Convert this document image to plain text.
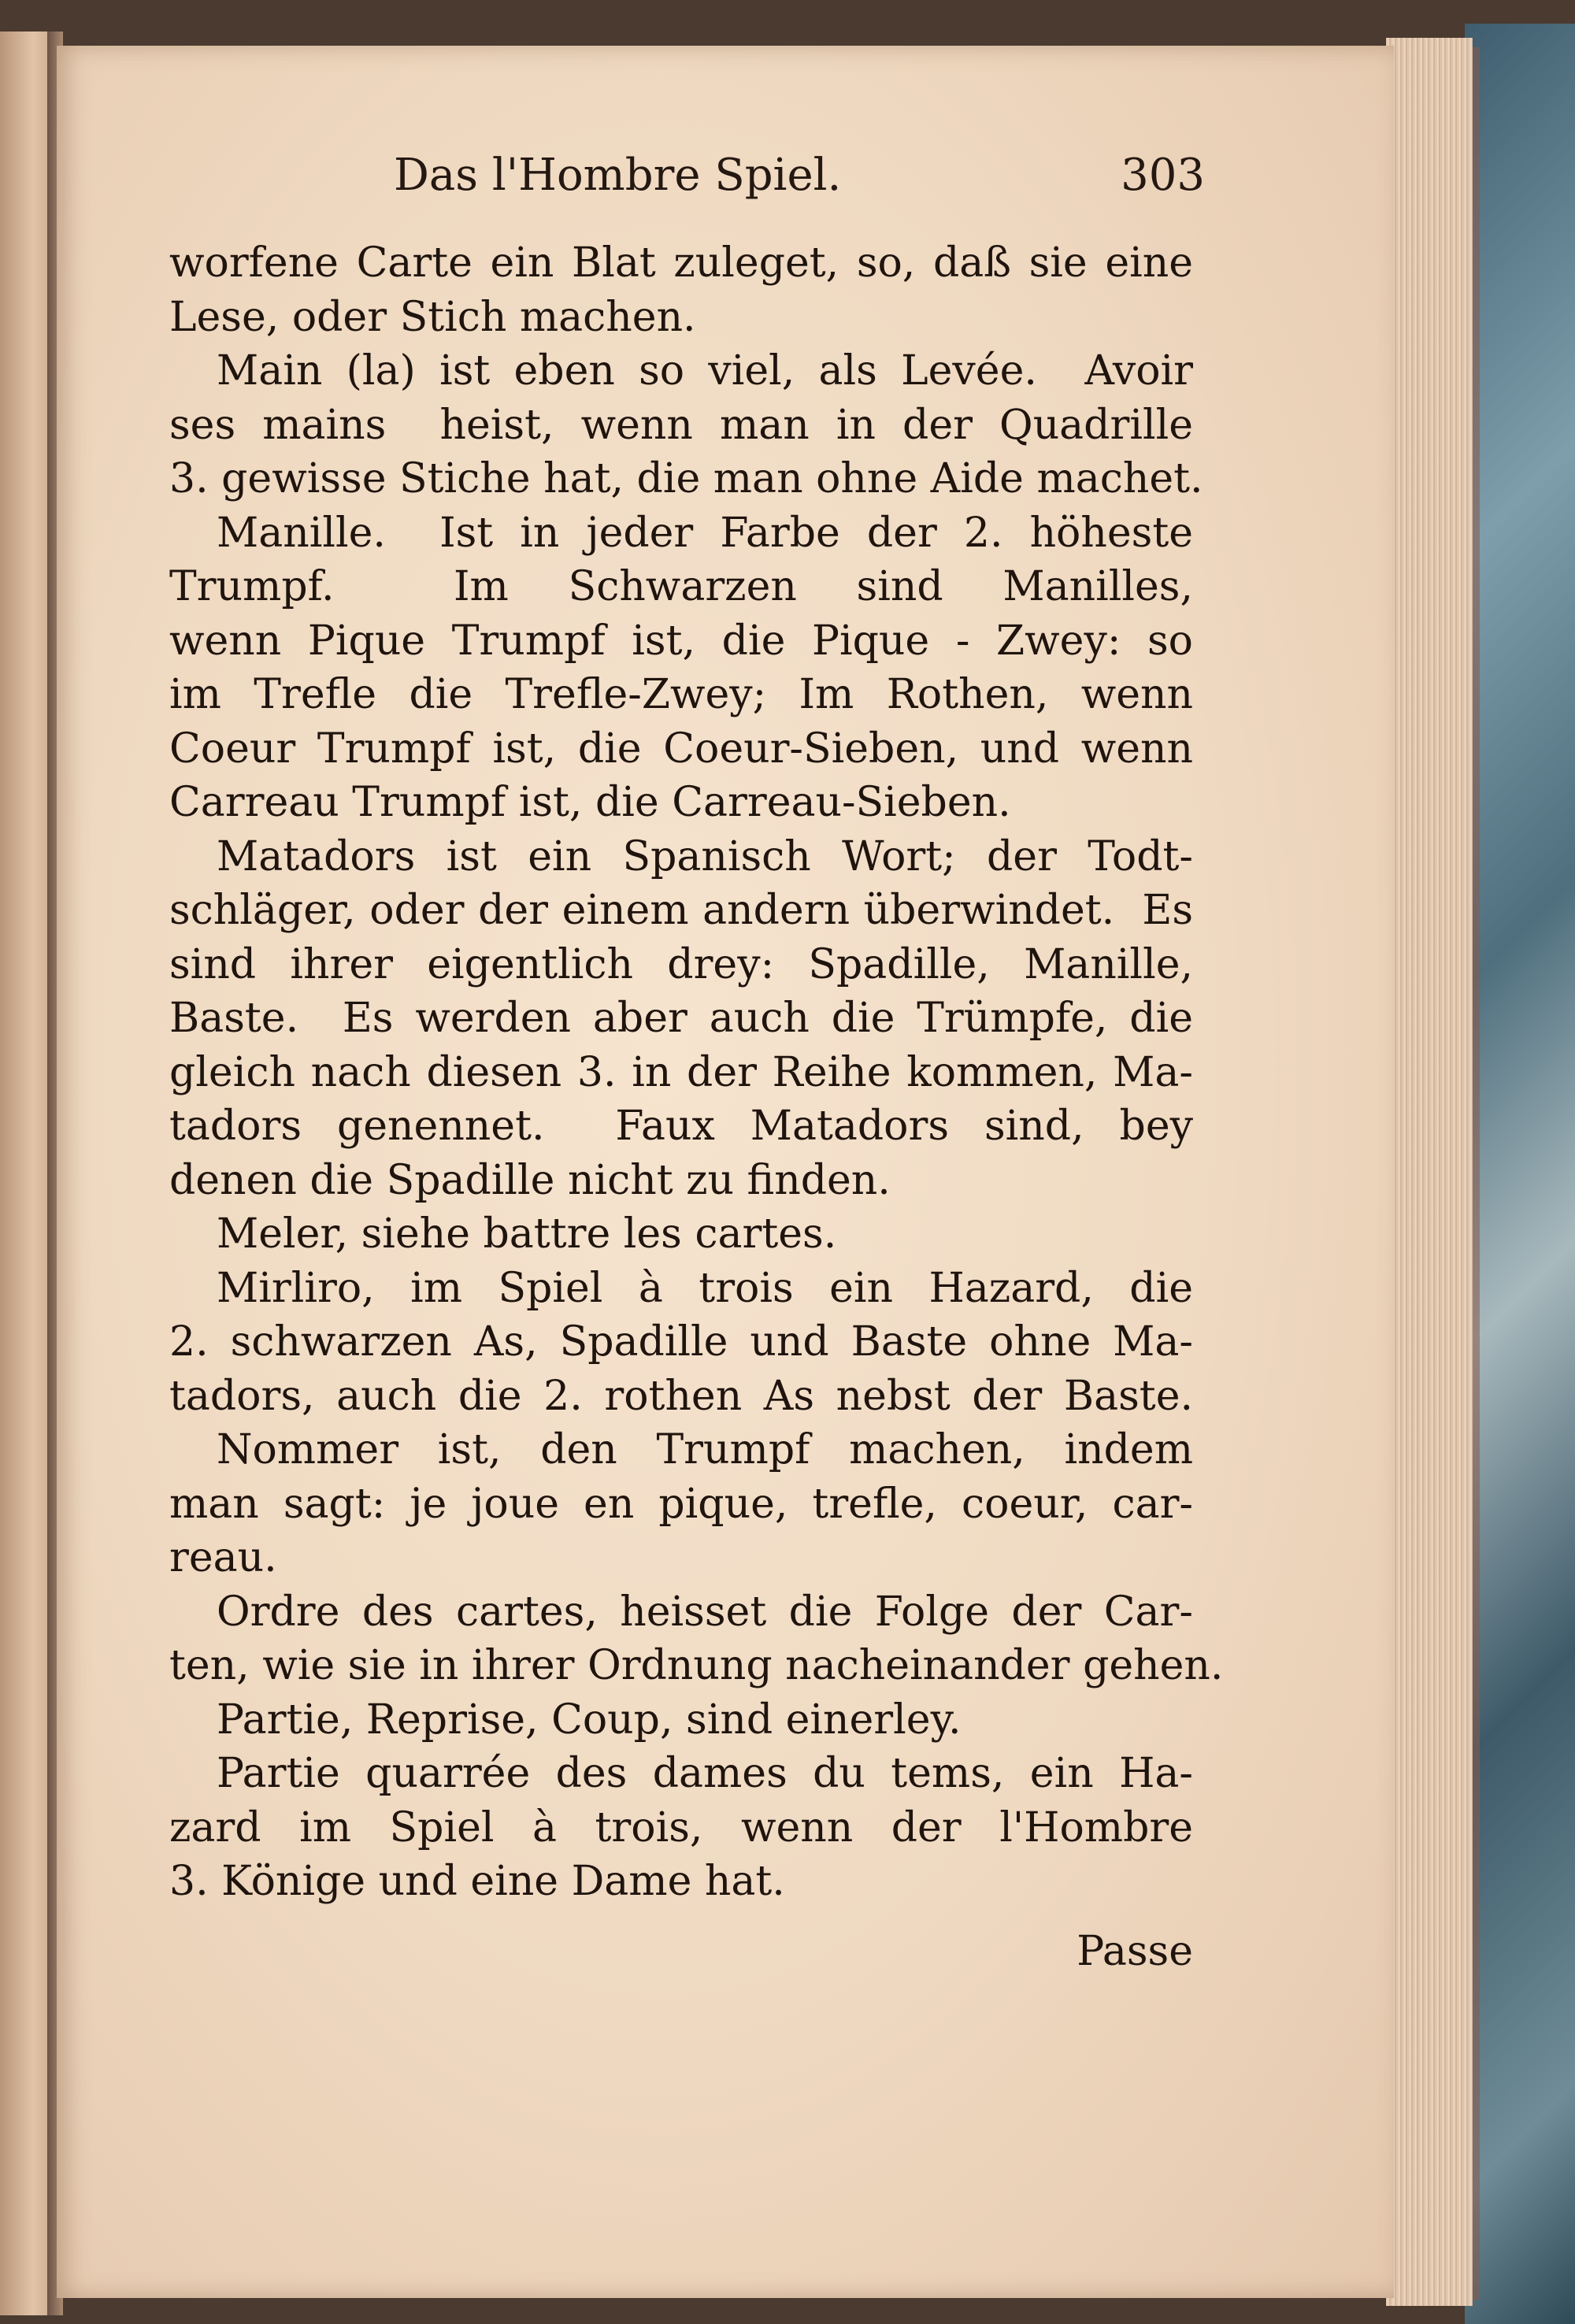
Das l'Hombre Spiel.	303
worfene Carte ein Blat zuleget, so, daß sie eine
Lese, oder Stich machen.
Main (la) ist eben so viel, als Levée.  Avoir
ses mains  heist, wenn man in der Quadrille
3. gewisse Stiche hat, die man ohne Aide machet.
Manille.  Ist in jeder Farbe der 2. höheste
Trumpf.  Im Schwarzen sind Manilles,
wenn Pique Trumpf ist, die Pique - Zwey: so
im Trefle die Trefle-Zwey; Im Rothen, wenn
Coeur Trumpf ist, die Coeur-Sieben, und wenn
Carreau Trumpf ist, die Carreau-Sieben.
Matadors ist ein Spanisch Wort; der Todt-
schläger, oder der einem andern überwindet.  Es
sind ihrer eigentlich drey: Spadille, Manille,
Baste.  Es werden aber auch die Trümpfe, die
gleich nach diesen 3. in der Reihe kommen, Ma-
tadors genennet.  Faux Matadors sind, bey
denen die Spadille nicht zu finden.
Meler, siehe battre les cartes.
Mirliro, im Spiel à trois ein Hazard, die
2. schwarzen As, Spadille und Baste ohne Ma-
tadors, auch die 2. rothen As nebst der Baste.
Nommer ist, den Trumpf machen, indem
man sagt: je joue en pique, trefle, coeur, car-
reau.
Ordre des cartes, heisset die Folge der Car-
ten, wie sie in ihrer Ordnung nacheinander gehen.
Partie, Reprise, Coup, sind einerley.
Partie quarrée des dames du tems, ein Ha-
zard im Spiel à trois, wenn der l'Hombre
3. Könige und eine Dame hat.
Passe
